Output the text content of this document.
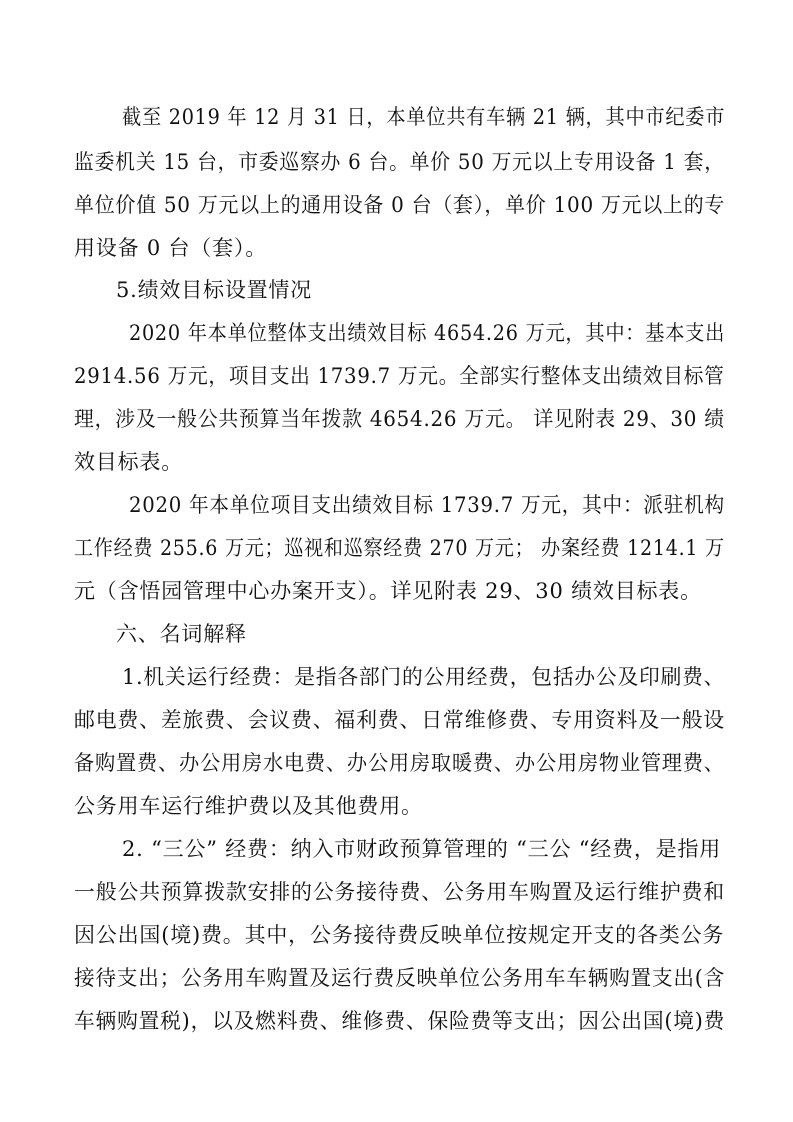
截至 2019 年 12 月 31 日，本单位共有车辆 21 辆，其中市纪委市
监委机关 15 台，市委巡察办 6 台。单价 50 万元以上专用设备 1 套，
单位价值 50 万元以上的通用设备 0 台（套），单价 100 万元以上的专
用设备 0 台（套）。
5.绩效目标设置情况
2020 年本单位整体支出绩效目标 4654.26 万元，其中：基本支出
2914.56 万元，项目支出 1739.7 万元。全部实行整体支出绩效目标管
理，涉及一般公共预算当年拨款 4654.26 万元。 详见附表 29、30 绩
效目标表。
2020 年本单位项目支出绩效目标 1739.7 万元，其中：派驻机构
工作经费 255.6 万元；巡视和巡察经费 270 万元； 办案经费 1214.1 万
元（含悟园管理中心办案开支）。详见附表 29、30 绩效目标表。
六、名词解释
1.机关运行经费：是指各部门的公用经费，包括办公及印刷费、
邮电费、差旅费、会议费、福利费、日常维修费、专用资料及一般设
备购置费、办公用房水电费、办公用房取暖费、办公用房物业管理费、
公务用车运行维护费以及其他费用。
2. “三公” 经费：纳入市财政预算管理的 “三公 “经费，是指用
一般公共预算拨款安排的公务接待费、公务用车购置及运行维护费和
因公出国(境)费。其中，公务接待费反映单位按规定开支的各类公务
接待支出；公务用车购置及运行费反映单位公务用车车辆购置支出(含
车辆购置税)，以及燃料费、维修费、保险费等支出；因公出国(境)费
